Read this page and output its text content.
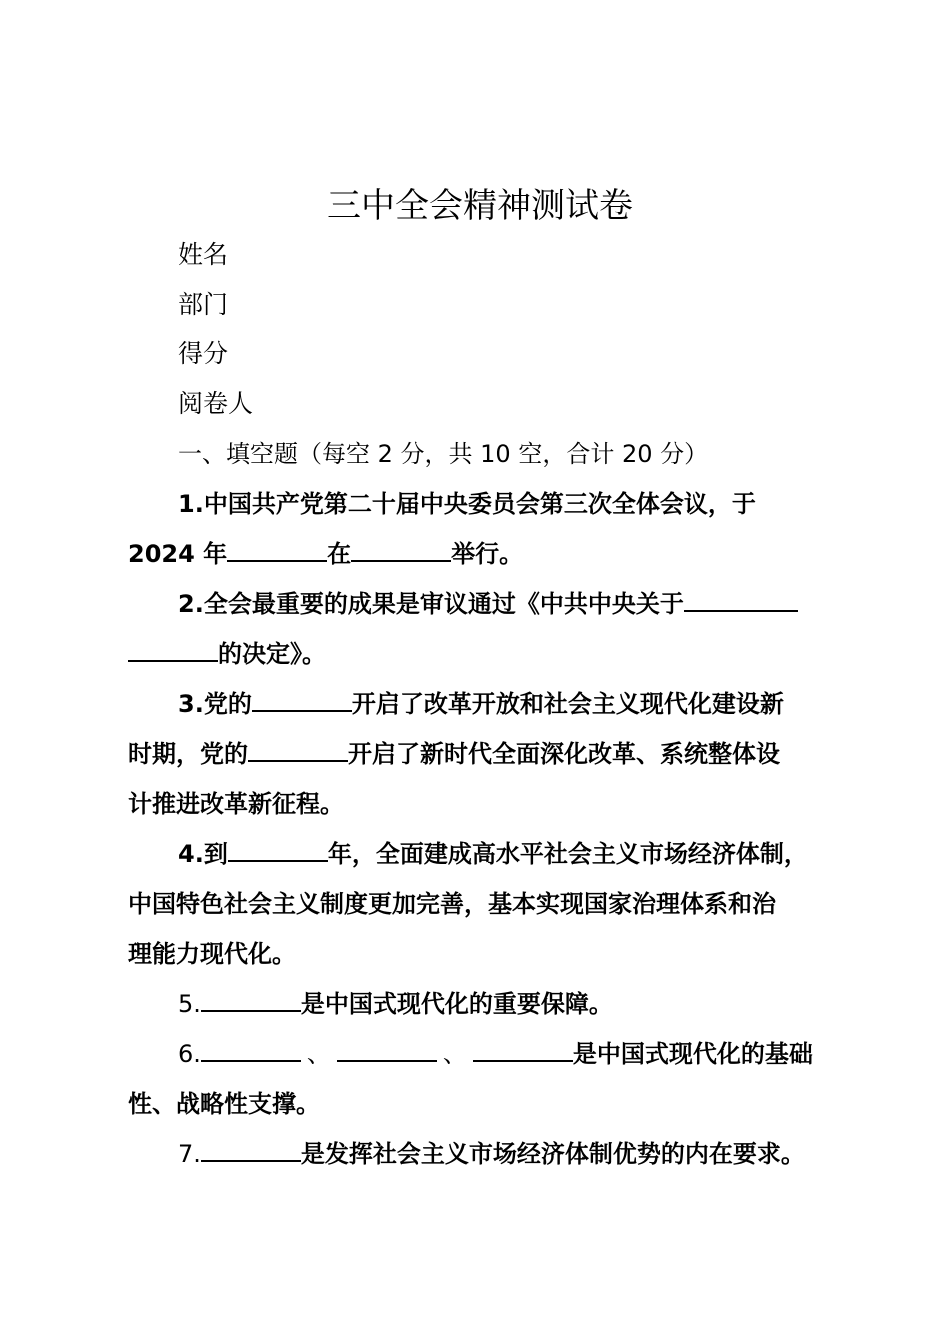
三中全会精神测试卷
姓名
部门
得分
阅卷人
一、填空题（每空 2 分，共 10 空，合计 20 分）
1.中国共产党第二十届中央委员会第三次全体会议，于
2024 年	在	举行。
2.全会最重要的成果是审议通过《中共中央关于
的决定》。
3.党的	开启了改革开放和社会主义现代化建设新
时期，党的	开启了新时代全面深化改革、系统整体设
计推进改革新征程。
4.到	年，全面建成高水平社会主义市场经济体制，
中国特色社会主义制度更加完善，基本实现国家治理体系和治
理能力现代化。
5.	是中国式现代化的重要保障。
6.	、	、	是中国式现代化的基础
性、战略性支撑。
7.	是发挥社会主义市场经济体制优势的内在要求。
